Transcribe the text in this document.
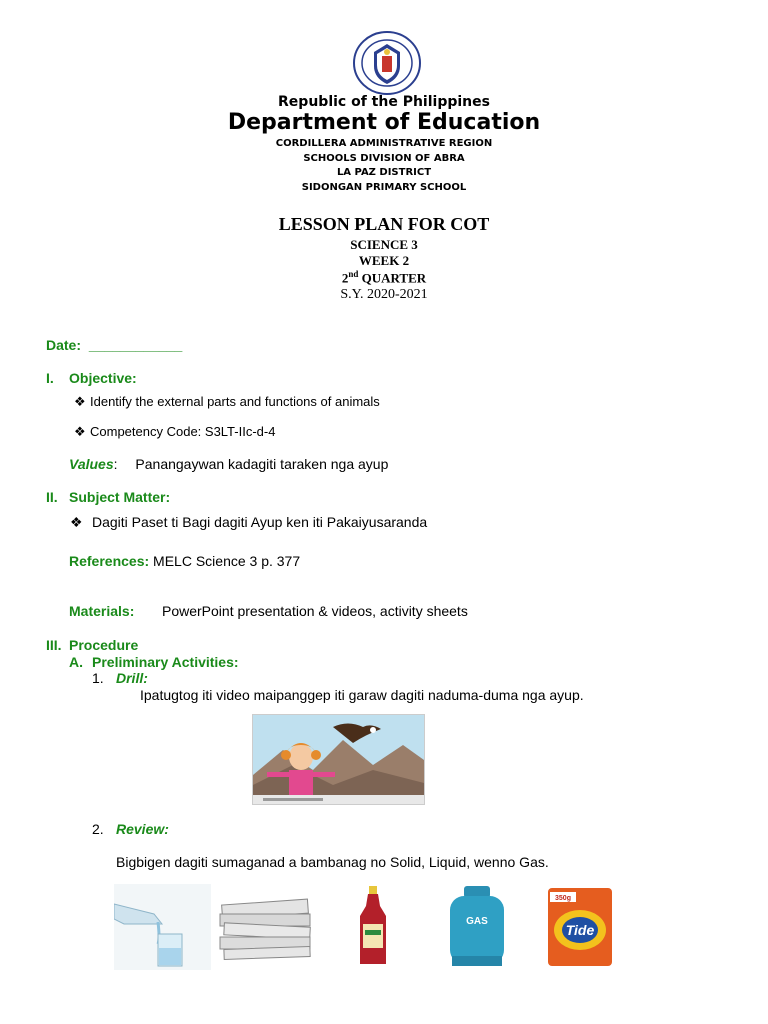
Republic of the Philippines
Department of Education
CORDILLERA ADMINISTRATIVE REGION
SCHOOLS DIVISION OF ABRA
LA PAZ DISTRICT
SIDONGAN PRIMARY SCHOOL
LESSON PLAN FOR COT
SCIENCE 3
WEEK 2
2nd QUARTER
S.Y. 2020-2021
Date: ____________
I. Objective:
❖ Identify the external parts and functions of animals
❖ Competency Code: S3LT-IIc-d-4
Values: Panangaywan kadagiti taraken nga ayup
II. Subject Matter:
❖ Dagiti Paset ti Bagi dagiti Ayup ken iti Pakaiyusaranda
References: MELC Science 3 p. 377
Materials: PowerPoint presentation & videos, activity sheets
III. Procedure
A. Preliminary Activities:
1. Drill:
Ipatugtog iti video maipanggep iti garaw dagiti naduma-duma nga ayup.
2. Review:
Bigbigen dagiti sumaganad a bambanag no Solid, Liquid, wenno Gas.
GAS
Tide
350g
